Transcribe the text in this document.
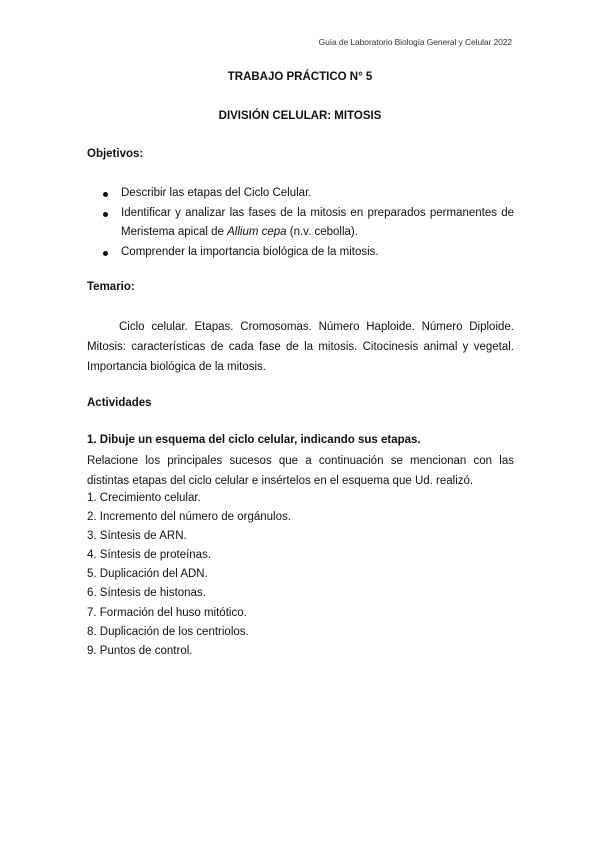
Guía de Laboratorio Biología General y Celular 2022
TRABAJO PRÁCTICO N° 5
DIVISIÓN CELULAR: MITOSIS
Objetivos:
Describir las etapas del Ciclo Celular.
Identificar y analizar las fases de la mitosis en preparados permanentes de Meristema apical de Allium cepa (n.v. cebolla).
Comprender la importancia biológica de la mitosis.
Temario:

Ciclo celular. Etapas. Cromosomas. Número Haploide. Número Diploide. Mitosis: características de cada fase de la mitosis. Citocinesis animal y vegetal. Importancia biológica de la mitosis.

Actividades
1. Dibuje un esquema del ciclo celular, indicando sus etapas.

Relacione los principales sucesos que a continuación se mencionan con las distintas etapas del ciclo celular e insértelos en el esquema que Ud. realizó.

1. Crecimiento celular.
2. Incremento del número de orgánulos.
3. Síntesis de ARN.
4. Síntesis de proteínas.
5. Duplicación del ADN.
6. Síntesis de histonas.
7. Formación del huso mitótico.
8. Duplicación de los centriolos.
9. Puntos de control.
